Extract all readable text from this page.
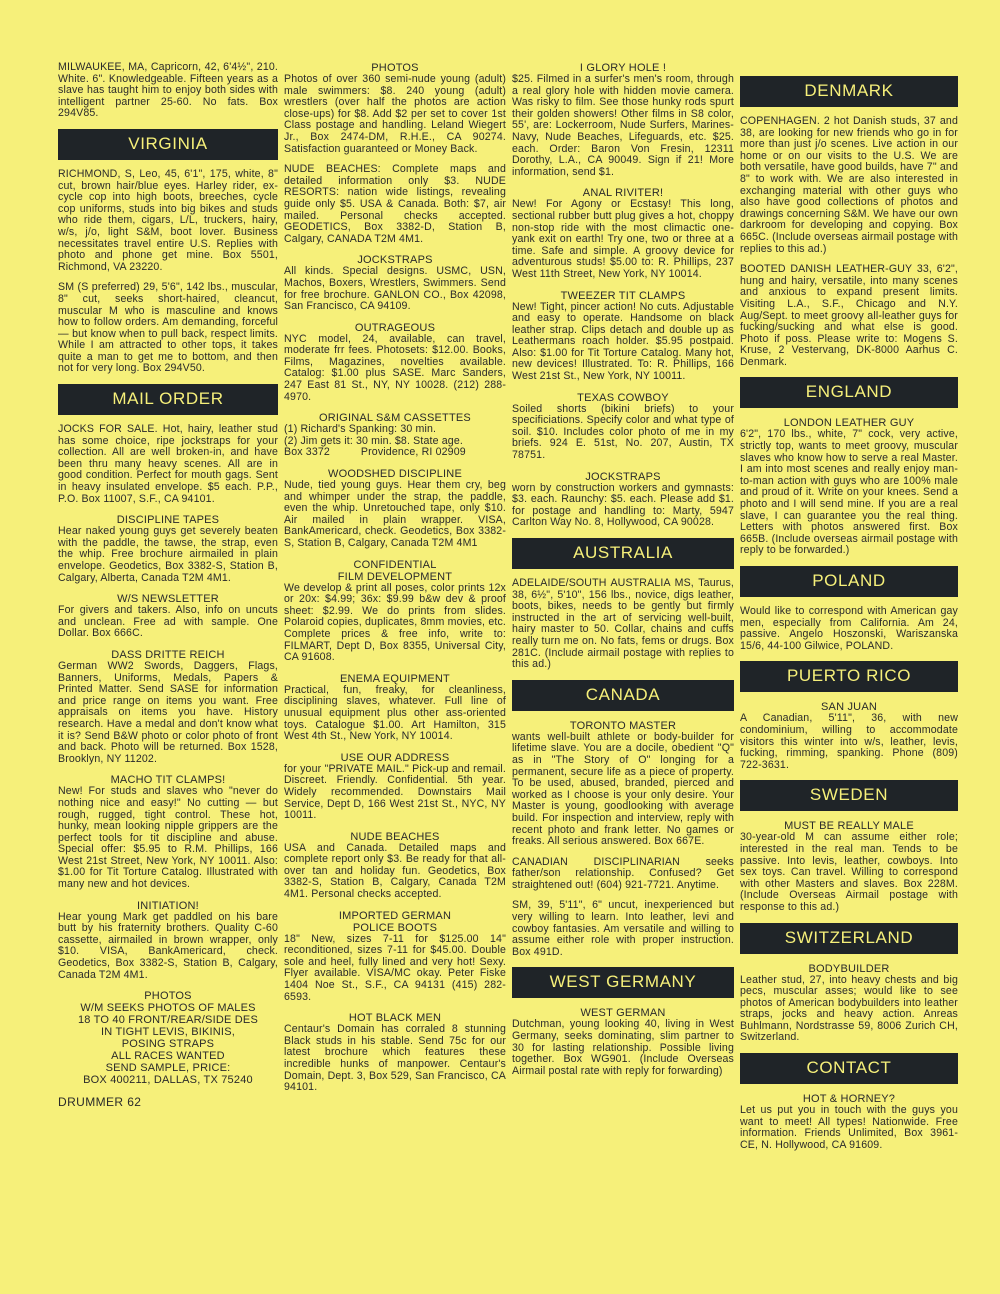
MILWAUKEE, MA, Capricorn, 42, 6'4½", 210. White. 6". Knowledgeable. Fifteen years as a slave has taught him to enjoy both sides with intelligent partner 25-60. No fats. Box 294V85.

VIRGINIA

RICHMOND, S, Leo, 45, 6'1", 175, white, 8" cut, brown hair/blue eyes. Harley rider, ex-cycle cop into high boots, breeches, cycle cop uniforms, studs into big bikes and studs who ride them, cigars, L/L, truckers, hairy, w/s, j/o, light S&M, boot lover. Business necessitates travel entire U.S. Replies with photo and phone get mine. Box 5501, Richmond, VA 23220.

SM (S preferred) 29, 5'6", 142 lbs., muscular, 8" cut, seeks short-haired, cleancut, muscular M who is masculine and knows how to follow orders. Am demanding, forceful — but know when to pull back, respect limits. While I am attracted to other tops, it takes quite a man to get me to bottom, and then not for very long. Box 294V50.

MAIL ORDER

JOCKS FOR SALE. Hot, hairy, leather stud has some choice, ripe jockstraps for your collection. All are well broken-in, and have been thru many heavy scenes. All are in good condition. Perfect for mouth gags. Sent in heavy insulated envelope. $5 each. P.P., P.O. Box 11007, S.F., CA 94101.

DISCIPLINE TAPES

Hear naked young guys get severely beaten with the paddle, the tawse, the strap, even the whip. Free brochure airmailed in plain envelope. Geodetics, Box 3382-S, Station B, Calgary, Alberta, Canada T2M 4M1.

W/S NEWSLETTER

For givers and takers. Also, info on uncuts and unclean. Free ad with sample. One Dollar. Box 666C.

DASS DRITTE REICH

German WW2 Swords, Daggers, Flags, Banners, Uniforms, Medals, Papers & Printed Matter. Send SASE for information and price range on items you want. Free appraisals on items you have. History research. Have a medal and don't know what it is? Send B&W photo or color photo of front and back. Photo will be returned. Box 1528, Brooklyn, NY 11202.

MACHO TIT CLAMPS!

New! For studs and slaves who "never do nothing nice and easy!" No cutting — but rough, rugged, tight control. These hot, hunky, mean looking nipple grippers are the perfect tools for tit discipline and abuse. Special offer: $5.95 to R.M. Phillips, 166 West 21st Street, New York, NY 10011. Also: $1.00 for Tit Torture Catalog. Illustrated with many new and hot devices.

INITIATION!

Hear young Mark get paddled on his bare butt by his fraternity brothers. Quality C-60 cassette, airmailed in brown wrapper, only $10. VISA, BankAmericard, check. Geodetics, Box 3382-S, Station B, Calgary, Canada T2M 4M1.

PHOTOS

W/M SEEKS PHOTOS OF MALES

18 TO 40 FRONT/REAR/SIDE DES

IN TIGHT LEVIS, BIKINIS,

POSING STRAPS

ALL RACES WANTED

SEND SAMPLE, PRICE:

BOX 400211, DALLAS, TX 75240

DRUMMER 62

PHOTOS

Photos of over 360 semi-nude young (adult) male swimmers: $8. 240 young (adult) wrestlers (over half the photos are action close-ups) for $8. Add $2 per set to cover 1st Class postage and handling. Leland Wiegert Jr., Box 2474-DM, R.H.E., CA 90274. Satisfaction guaranteed or Money Back.

NUDE BEACHES: Complete maps and detailed information only $3. NUDE RESORTS: nation wide listings, revealing guide only $5. USA & Canada. Both: $7, air mailed. Personal checks accepted. GEODETICS, Box 3382-D, Station B, Calgary, CANADA T2M 4M1.

JOCKSTRAPS

All kinds. Special designs. USMC, USN, Machos, Boxers, Wrestlers, Swimmers. Send for free brochure. GANLON CO., Box 42098, San Francisco, CA 94109.

OUTRAGEOUS

NYC model, 24, available, can travel, moderate frr fees. Photosets: $12.00. Books, Films, Magazines, novelties available. Catalog: $1.00 plus SASE. Marc Sanders, 247 East 81 St., NY, NY 10028. (212) 288-4970.

ORIGINAL S&M CASSETTES

(1) Richard's Spanking: 30 min.

(2) Jim gets it: 30 min. $8. State age.

Box 3372          Providence, RI 02909

WOODSHED DISCIPLINE

Nude, tied young guys. Hear them cry, beg and whimper under the strap, the paddle, even the whip. Unretouched tape, only $10. Air mailed in plain wrapper. VISA, BankAmericard, check. Geodetics, Box 3382-S, Station B, Calgary, Canada T2M 4M1

CONFIDENTIAL

FILM DEVELOPMENT

We develop & print all poses, color prints 12x or 20x: $4.99; 36x: $9.99 b&w dev & proof sheet: $2.99. We do prints from slides. Polaroid copies, duplicates, 8mm movies, etc. Complete prices & free info, write to: FILMART, Dept D, Box 8355, Universal City, CA 91608.

ENEMA EQUIPMENT

Practical, fun, freaky, for cleanliness, disciplining slaves, whatever. Full line of unusual equipment plus other ass-oriented toys. Catalogue $1.00. Art Hamilton, 315 West 4th St., New York, NY 10014.

USE OUR ADDRESS

for your "PRIVATE MAIL." Pick-up and remail. Discreet. Friendly. Confidential. 5th year. Widely recommended. Downstairs Mail Service, Dept D, 166 West 21st St., NYC, NY 10011.

NUDE BEACHES

USA and Canada. Detailed maps and complete report only $3. Be ready for that all-over tan and holiday fun. Geodetics, Box 3382-S, Station B, Calgary, Canada T2M 4M1. Personal checks accepted.

IMPORTED GERMAN

POLICE BOOTS

18" New, sizes 7-11 for $125.00 14" reconditioned, sizes 7-11 for $45.00. Double sole and heel, fully lined and very hot! Sexy. Flyer available. VISA/MC okay. Peter Fiske 1404 Noe St., S.F., CA 94131 (415) 282-6593.

HOT BLACK MEN

Centaur's Domain has corraled 8 stunning Black studs in his stable. Send 75c for our latest brochure which features these incredible hunks of manpower. Centaur's Domain, Dept. 3, Box 529, San Francisco, CA 94101.

I GLORY HOLE !

$25. Filmed in a surfer's men's room, through a real glory hole with hidden movie camera. Was risky to film. See those hunky rods spurt their golden showers! Other films in S8 color, 55', are: Lockerroom, Nude Surfers, Marines-Navy, Nude Beaches, Lifeguards, etc. $25. each. Order: Baron Von Fresin, 12311 Dorothy, L.A., CA 90049. Sign if 21! More information, send $1.

ANAL RIVITER!

New! For Agony or Ecstasy! This long, sectional rubber butt plug gives a hot, choppy non-stop ride with the most climactic one-yank exit on earth! Try one, two or three at a time. Safe and simple. A groovy device for adventurous studs! $5.00 to: R. Phillips, 237 West 11th Street, New York, NY 10014.

TWEEZER TIT CLAMPS

New! Tight, pincer action! No cuts. Adjustable and easy to operate. Handsome on black leather strap. Clips detach and double up as Leathermans roach holder. $5.95 postpaid. Also: $1.00 for Tit Torture Catalog. Many hot, new devices! Illustrated. To: R. Phillips, 166 West 21st St., New York, NY 10011.

TEXAS COWBOY

Soiled shorts (bikini briefs) to your specificiations. Specify color and what type of soil. $10. Includes color photo of me in my briefs. 924 E. 51st, No. 207, Austin, TX 78751.

JOCKSTRAPS

worn by construction workers and gymnasts: $3. each. Raunchy: $5. each. Please add $1. for postage and handling to: Marty, 5947 Carlton Way No. 8, Hollywood, CA 90028.

AUSTRALIA

ADELAIDE/SOUTH AUSTRALIA MS, Taurus, 38, 6½", 5'10", 156 lbs., novice, digs leather, boots, bikes, needs to be gently but firmly instructed in the art of servicing well-built, hairy master to 50. Collar, chains and cuffs really turn me on. No fats, fems or drugs. Box 281C. (Include airmail postage with replies to this ad.)

CANADA

TORONTO MASTER

wants well-built athlete or body-builder for lifetime slave. You are a docile, obedient "Q" as in "The Story of O" longing for a permanent, secure life as a piece of property. To be used, abused, branded, pierced and worked as I choose is your only desire. Your Master is young, goodlooking with average build. For inspection and interview, reply with recent photo and frank letter. No games or freaks. All serious answered. Box 667E.

CANADIAN DISCIPLINARIAN seeks father/son relationship. Confused? Get straightened out! (604) 921-7721. Anytime.

SM, 39, 5'11", 6" uncut, inexperienced but very willing to learn. Into leather, levi and cowboy fantasies. Am versatile and willing to assume either role with proper instruction. Box 491D.

WEST GERMANY

WEST GERMAN

Dutchman, young looking 40, living in West Germany, seeks dominating, slim partner to 30 for lasting relationship. Possible living together. Box WG901. (Include Overseas Airmail postal rate with reply for forwarding)

DENMARK

COPENHAGEN. 2 hot Danish studs, 37 and 38, are looking for new friends who go in for more than just j/o scenes. Live action in our home or on our visits to the U.S. We are both versatile, have good builds, have 7" and 8" to work with. We are also interested in exchanging material with other guys who also have good collections of photos and drawings concerning S&M. We have our own darkroom for developing and copying. Box 665C. (Include overseas airmail postage with replies to this ad.)

BOOTED DANISH LEATHER-GUY 33, 6'2", hung and hairy, versatile, into many scenes and anxious to expand present limits. Visiting L.A., S.F., Chicago and N.Y. Aug/Sept. to meet groovy all-leather guys for fucking/sucking and what else is good. Photo if poss. Please write to: Mogens S. Kruse, 2 Vestervang, DK-8000 Aarhus C. Denmark.

ENGLAND

LONDON LEATHER GUY

6'2", 170 lbs., white, 7" cock, very active, strictly top, wants to meet groovy, muscular slaves who know how to serve a real Master. I am into most scenes and really enjoy man-to-man action with guys who are 100% male and proud of it. Write on your knees. Send a photo and I will send mine. If you are a real slave, I can guarantee you the real thing. Letters with photos answered first. Box 665B. (Include overseas airmail postage with reply to be forwarded.)

POLAND

Would like to correspond with American gay men, especially from California. Am 24, passive. Angelo Hoszonski, Wariszanska 15/6, 44-100 Gilwice, POLAND.

PUERTO RICO

SAN JUAN

A Canadian, 5'11", 36, with new condominium, willing to accommodate visitors this winter into w/s, leather, levis, fucking, rimming, spanking. Phone (809) 722-3631.

SWEDEN

MUST BE REALLY MALE

30-year-old M can assume either role; interested in the real man. Tends to be passive. Into levis, leather, cowboys. Into sex toys. Can travel. Willing to correspond with other Masters and slaves. Box 228M. (Include Overseas Airmail postage with response to this ad.)

SWITZERLAND

BODYBUILDER

Leather stud, 27, into heavy chests and big pecs, muscular asses; would like to see photos of American bodybuilders into leather straps, jocks and heavy action. Anreas Buhlmann, Nordstrasse 59, 8006 Zurich CH, Switzerland.

CONTACT

HOT & HORNEY?

Let us put you in touch with the guys you want to meet! All types! Nationwide. Free information. Friends Unlimited, Box 3961-CE, N. Hollywood, CA 91609.
